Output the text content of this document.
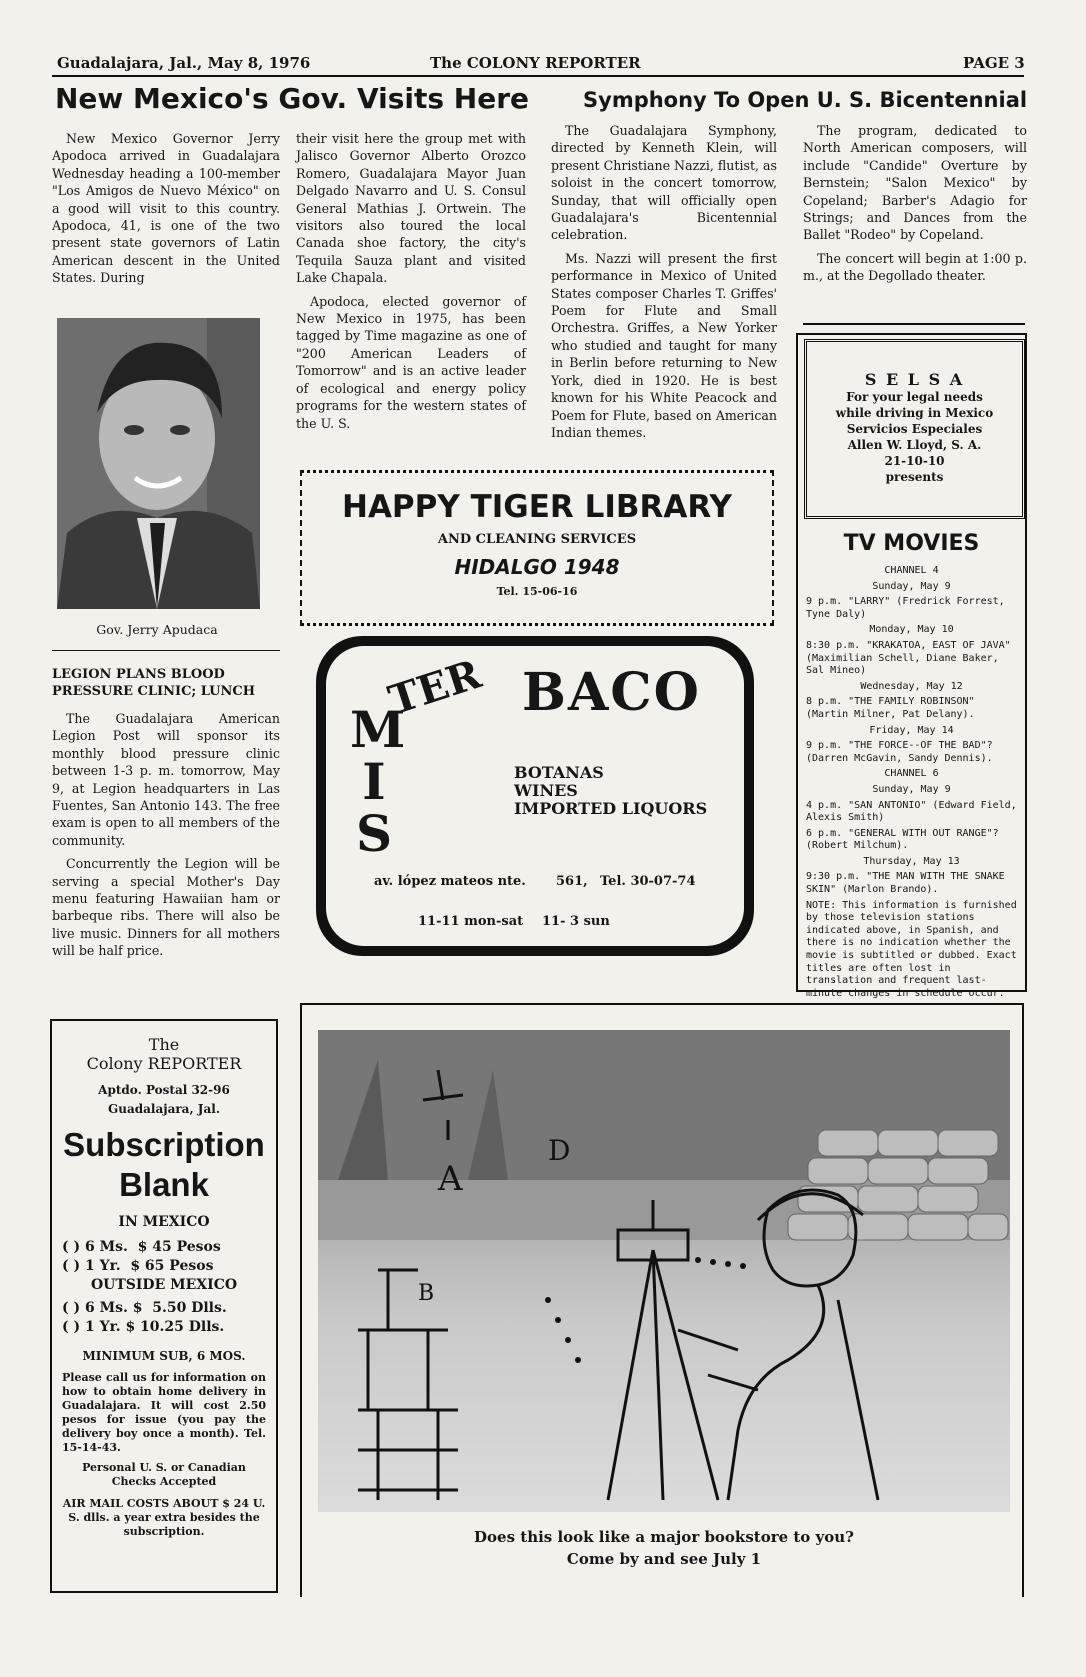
Guadalajara, Jal., May 8, 1976	The COLONY REPORTER	PAGE 3
New Mexico's Gov. Visits Here

New Mexico Governor Jerry Apodoca arrived in Guadalajara Wednesday heading a 100-member "Los Amigos de Nuevo México" on a good will visit to this country. Apodoca, 41, is one of the two present state governors of Latin American descent in the United States. During

Gov. Jerry Apudaca

their visit here the group met with Jalisco Governor Alberto Orozco Romero, Guadalajara Mayor Juan Delgado Navarro and U. S. Consul General Mathias J. Ortwein. The visitors also toured the local Canada shoe factory, the city's Tequila Sauza plant and visited Lake Chapala.

Apodoca, elected governor of New Mexico in 1975, has been tagged by Time magazine as one of "200 American Leaders of Tomorrow" and is an active leader of ecological and energy policy programs for the western states of the U. S.

LEGION PLANS BLOOD PRESSURE CLINIC; LUNCH

The Guadalajara American Legion Post will sponsor its monthly blood pressure clinic between 1-3 p. m. tomorrow, May 9, at Legion headquarters in Las Fuentes, San Antonio 143. The free exam is open to all members of the community.

Concurrently the Legion will be serving a special Mother's Day menu featuring Hawaiian ham or barbeque ribs. There will also be live music. Dinners for all mothers will be half price.

Symphony To Open U. S. Bicentennial

The Guadalajara Symphony, directed by Kenneth Klein, will present Christiane Nazzi, flutist, as soloist in the concert tomorrow, Sunday, that will officially open Guadalajara's Bicentennial celebration.

Ms. Nazzi will present the first performance in Mexico of United States composer Charles T. Griffes' Poem for Flute and Small Orchestra. Griffes, a New Yorker who studied and taught for many in Berlin before returning to New York, died in 1920. He is best known for his White Peacock and Poem for Flute, based on American Indian themes.

The program, dedicated to North American composers, will include "Candide" Overture by Bernstein; "Salon Mexico" by Copeland; Barber's Adagio for Strings; and Dances from the Ballet "Rodeo" by Copeland.

The concert will begin at 1:00 p. m., at the Degollado theater.

HAPPY TIGER LIBRARY
AND CLEANING SERVICES
HIDALGO 1948
Tel. 15-06-16
MIS
TER BACO
BOTANAS
WINES
IMPORTED LIQUORS
av. lópez mateos nte. 561, Tel. 30-07-74
11-11 mon-sat 11- 3 sun
S E L S A
For your legal needs
while driving in Mexico
Servicios Especiales
Allen W. Lloyd, S. A.
21-10-10
presents
TV MOVIES
CHANNEL 4
Sunday, May 9
9 p.m. "LARRY" (Fredrick Forrest, Tyne Daly)
Monday, May 10
8:30 p.m. "KRAKATOA, EAST OF JAVA" (Maximilian Schell, Diane Baker, Sal Mineo)
Wednesday, May 12
8 p.m. "THE FAMILY ROBINSON" (Martin Milner, Pat Delany).
Friday, May 14
9 p.m. "THE FORCE--OF THE BAD"? (Darren McGavin, Sandy Dennis).
CHANNEL 6
Sunday, May 9
4 p.m. "SAN ANTONIO" (Edward Field, Alexis Smith)
6 p.m. "GENERAL WITH OUT RANGE"? (Robert Milchum).
Thursday, May 13
9:30 p.m. "THE MAN WITH THE SNAKE SKIN" (Marlon Brando).
NOTE: This information is furnished by those television stations indicated above, in Spanish, and there is no indication whether the movie is subtitled or dubbed. Exact titles are often lost in translation and frequent last-minute changes in schedule occur.
The
Colony REPORTER
Aptdo. Postal 32-96
Guadalajara, Jal.
Subscription
Blank
IN MEXICO
( ) 6 Ms.  $ 45 Pesos
( ) 1 Yr.  $ 65 Pesos
OUTSIDE MEXICO
( ) 6 Ms. $  5.50 Dlls.
( ) 1 Yr. $ 10.25 Dlls.
MINIMUM SUB, 6 MOS.
Please call us for information on how to obtain home delivery in Guadalajara. It will cost 2.50 pesos for issue (you pay the delivery boy once a month). Tel. 15-14-43.
Personal U. S. or Canadian Checks Accepted
AIR MAIL COSTS ABOUT $ 24 U. S. dlls. a year extra besides the subscription.
A
D
B
Does this look like a major bookstore to you?
Come by and see July 1
